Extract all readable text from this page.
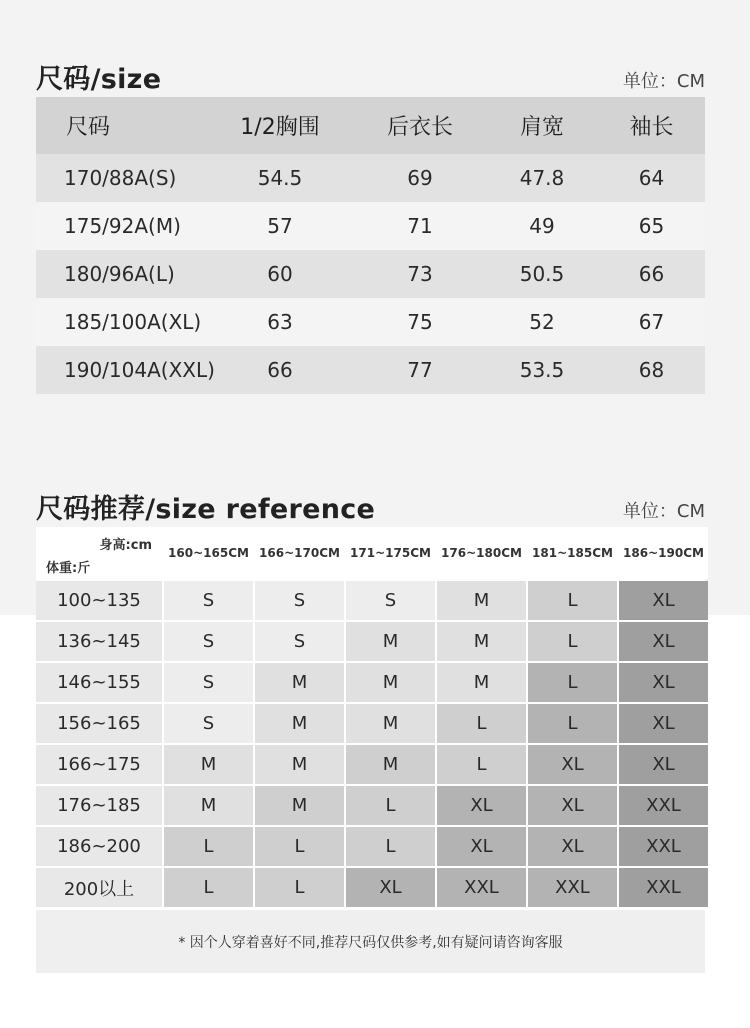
尺码/size	单位：CM
尺码	1/2胸围	后衣长	肩宽	袖长
170/88A(S)	54.5	69	47.8	64
175/92A(M)	57	71	49	65
180/96A(L)	60	73	50.5	66
185/100A(XL)	63	75	52	67
190/104A(XXL)	66	77	53.5	68
尺码推荐/size reference	单位：CM
身高:cm
体重:斤
160~165CM 166~170CM 171~175CM 176~180CM 181~185CM 186~190CM
100~135	S	S	S	M	L	XL
136~145	S	S	M	M	L	XL
146~155	S	M	M	M	L	XL
156~165	S	M	M	L	L	XL
166~175	M	M	M	L	XL	XL
176~185	M	M	L	XL	XL	XXL
186~200	L	L	L	XL	XL	XXL
200以上	L	L	XL	XXL	XXL	XXL
* 因个人穿着喜好不同,推荐尺码仅供参考,如有疑问请咨询客服
